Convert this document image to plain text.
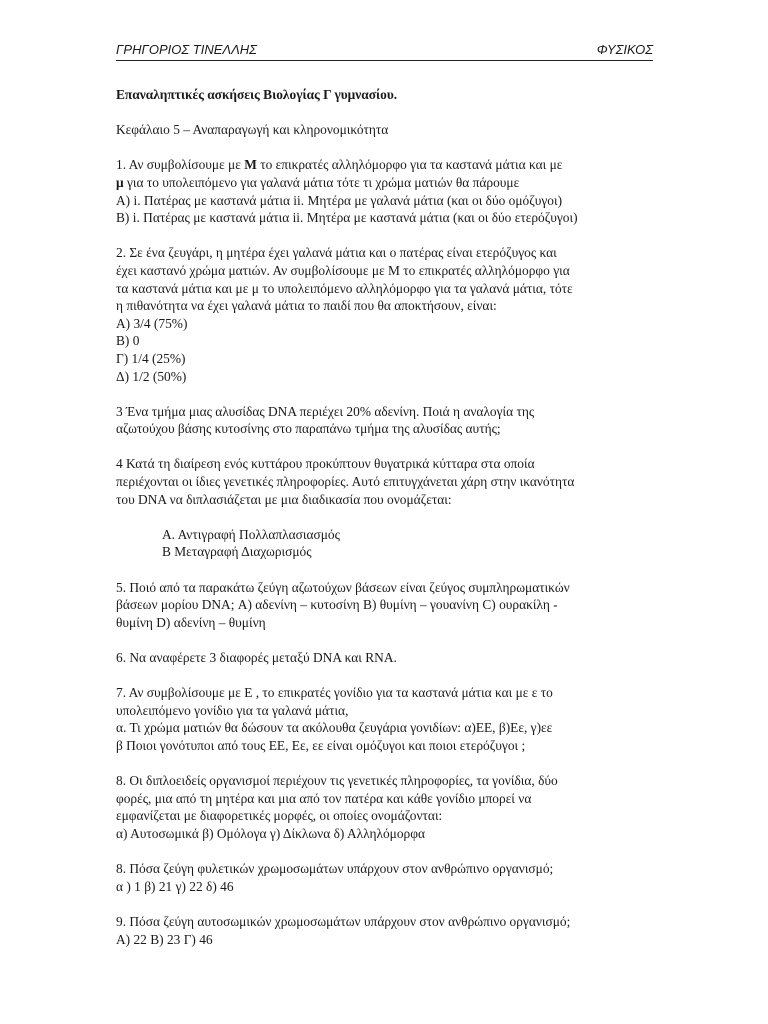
ΓΡΗΓΟΡΙΟΣ ΤΙΝΕΛΛΗΣ	ΦΥΣΙΚΟΣ

Επαναληπτικές ασκήσεις Βιολογίας Γ γυμνασίου.

Κεφάλαιο 5 – Αναπαραγωγή και κληρονομικότητα

1. Αν συμβολίσουμε με Μ το επικρατές αλληλόμορφο για τα καστανά μάτια και με

μ για το υπολειπόμενο για γαλανά μάτια τότε τι χρώμα ματιών θα πάρουμε

Α) i. Πατέρας με καστανά μάτια ii. Μητέρα με γαλανά μάτια (και οι δύο ομόζυγοι)

Β) i. Πατέρας με καστανά μάτια ii. Μητέρα με καστανά μάτια (και οι δύο ετερόζυγοι)

2. Σε ένα ζευγάρι, η μητέρα έχει γαλανά μάτια και ο πατέρας είναι ετερόζυγος και

έχει καστανό χρώμα ματιών. Αν συμβολίσουμε με Μ το επικρατές αλληλόμορφο για

τα καστανά μάτια και με μ το υπολειπόμενο αλληλόμορφο για τα γαλανά μάτια, τότε

η πιθανότητα να έχει γαλανά μάτια το παιδί που θα αποκτήσουν, είναι:

Α) 3/4 (75%)

Β) 0

Γ) 1/4 (25%)

Δ) 1/2 (50%)

3 Ένα τμήμα μιας αλυσίδας DNA περιέχει 20% αδενίνη. Ποιά η αναλογία της

αζωτούχου βάσης κυτοσίνης στο παραπάνω τμήμα της αλυσίδας αυτής;

4 Κατά τη διαίρεση ενός κυττάρου προκύπτουν θυγατρικά κύτταρα στα οποία

περιέχονται οι ίδιες γενετικές πληροφορίες. Αυτό επιτυγχάνεται χάρη στην ικανότητα

του DNA να διπλασιάζεται με μια διαδικασία που ονομάζεται:

Α. Αντιγραφή Πολλαπλασιασμός

Β Μεταγραφή Διαχωρισμός

5. Ποιό από τα παρακάτω ζεύγη αζωτούχων βάσεων είναι ζεύγος συμπληρωματικών

βάσεων μορίου DNA; Α) αδενίνη – κυτοσίνη Β) θυμίνη – γουανίνη C) ουρακίλη -

θυμίνη D) αδενίνη – θυμίνη

6. Να αναφέρετε 3 διαφορές μεταξύ DNA και RNA.

7. Αν συμβολίσουμε με Ε , το επικρατές γονίδιο για τα καστανά μάτια και με ε το

υπολειπόμενο γονίδιο για τα γαλανά μάτια,

α. Τι χρώμα ματιών θα δώσουν τα ακόλουθα ζευγάρια γονιδίων: α)ΕΕ, β)Εε, γ)εε

β Ποιοι γονότυποι από τους ΕΕ, Εε, εε είναι ομόζυγοι και ποιοι ετερόζυγοι ;

8. Οι διπλοειδείς οργανισμοί περιέχουν τις γενετικές πληροφορίες, τα γονίδια, δύο

φορές, μια από τη μητέρα και μια από τον πατέρα και κάθε γονίδιο μπορεί να

εμφανίζεται με διαφορετικές μορφές, οι οποίες ονομάζονται:

α) Αυτοσωμικά β) Ομόλογα γ) Δίκλωνα δ) Αλληλόμορφα

8. Πόσα ζεύγη φυλετικών χρωμοσωμάτων υπάρχουν στον ανθρώπινο οργανισμό;

α ) 1 β) 21 γ) 22 δ) 46

9. Πόσα ζεύγη αυτοσωμικών χρωμοσωμάτων υπάρχουν στον ανθρώπινο οργανισμό;

Α) 22 Β) 23 Γ) 46
